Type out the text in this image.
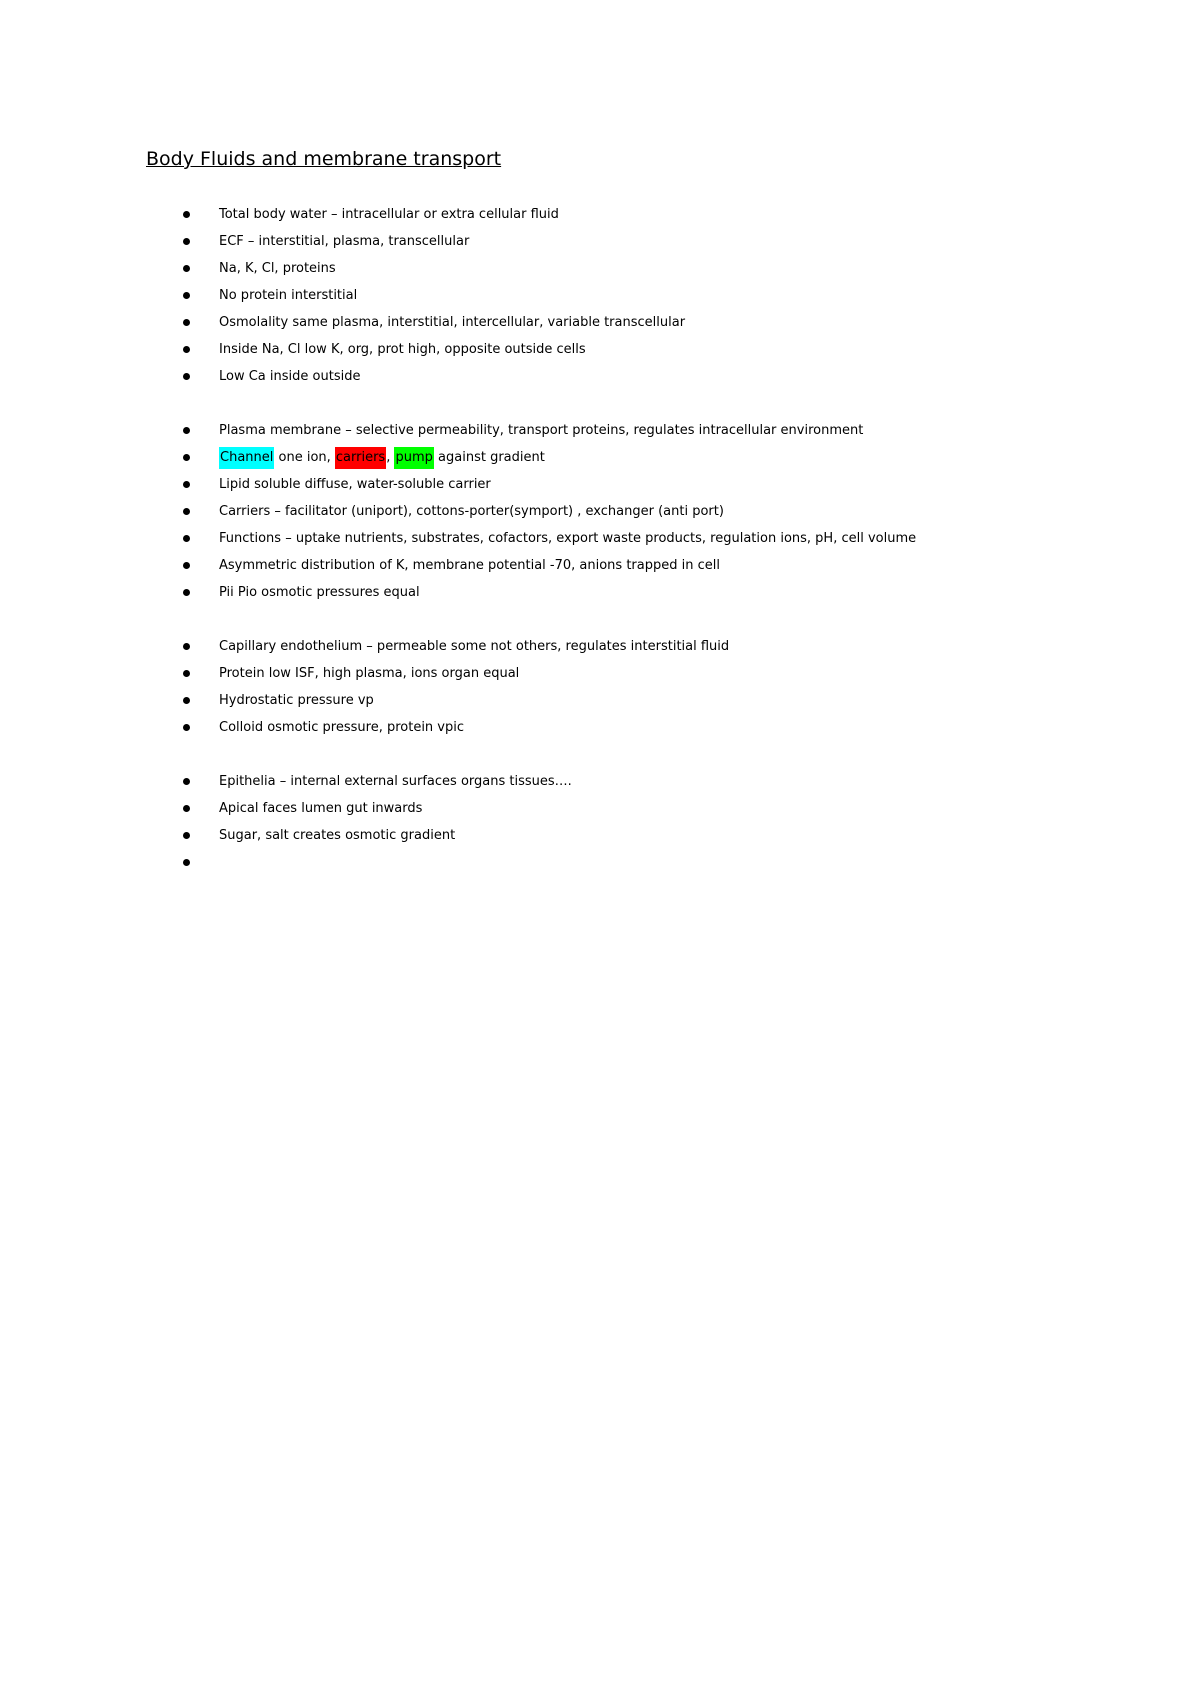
Body Fluids and membrane transport
Total body water – intracellular or extra cellular fluid
ECF – interstitial, plasma, transcellular
Na, K, Cl, proteins
No protein interstitial
Osmolality same plasma, interstitial, intercellular, variable transcellular
Inside Na, Cl low K, org, prot high, opposite outside cells
Low Ca inside outside
Plasma membrane – selective permeability, transport proteins, regulates intracellular environment
Channel one ion, carriers, pump against gradient
Lipid soluble diffuse, water-soluble carrier
Carriers – facilitator (uniport), cottons-porter(symport) , exchanger (anti port)
Functions – uptake nutrients, substrates, cofactors, export waste products, regulation ions, pH, cell volume
Asymmetric distribution of K, membrane potential -70, anions trapped in cell
Pii Pio osmotic pressures equal
Capillary endothelium – permeable some not others, regulates interstitial fluid
Protein low ISF, high plasma, ions organ equal
Hydrostatic pressure vp
Colloid osmotic pressure, protein vpic
Epithelia – internal external surfaces organs tissues….
Apical faces lumen gut inwards
Sugar, salt creates osmotic gradient
